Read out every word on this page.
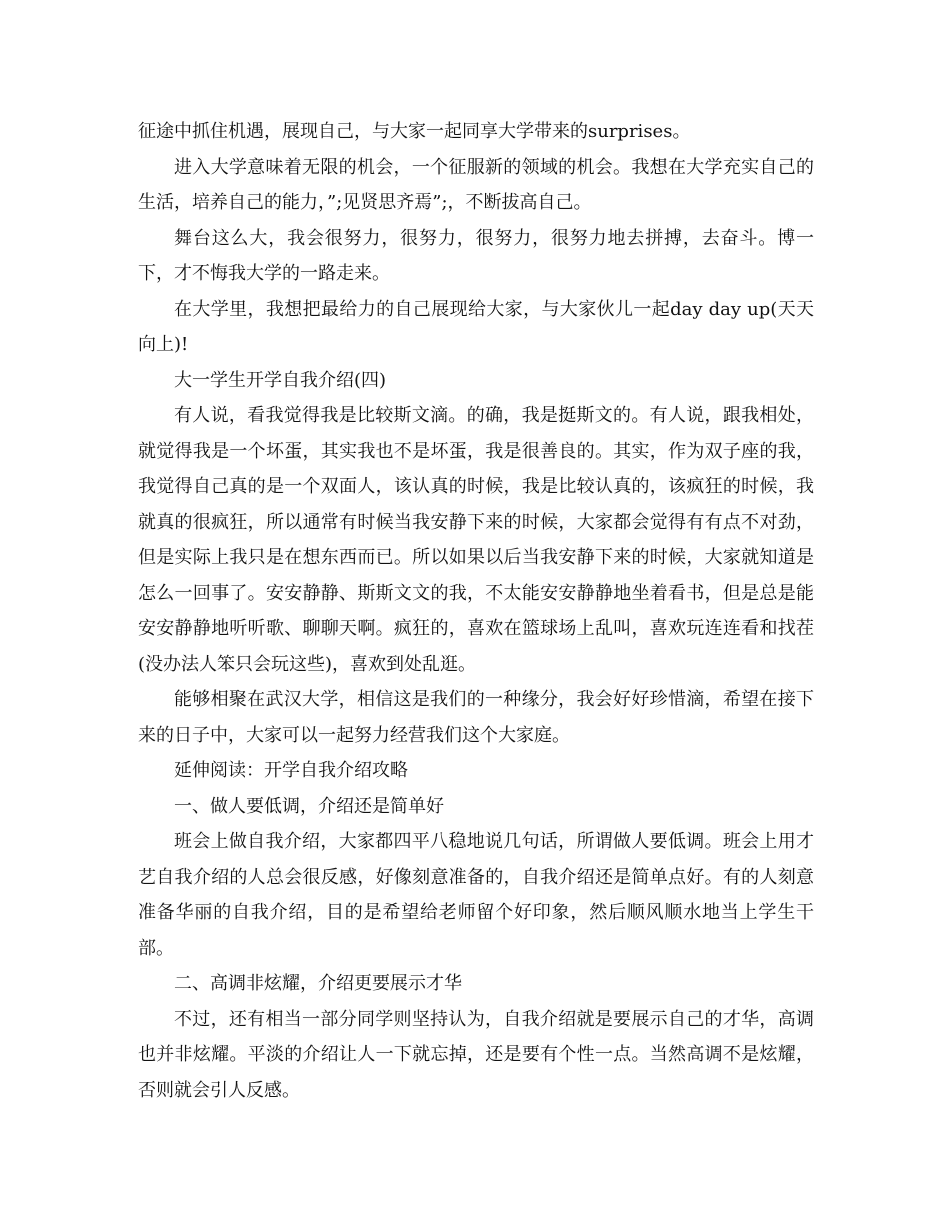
征途中抓住机遇，展现自己，与大家一起同享大学带来的surprises。

进入大学意味着无限的机会，一个征服新的领域的机会。我想在大学充实自己的生活，培养自己的能力，”;见贤思齐焉”;，不断拔高自己。

舞台这么大，我会很努力，很努力，很努力，很努力地去拼搏，去奋斗。博一下，才不悔我大学的一路走来。

在大学里，我想把最给力的自己展现给大家，与大家伙儿一起day day up(天天向上)!

大一学生开学自我介绍(四)

有人说，看我觉得我是比较斯文滴。的确，我是挺斯文的。有人说，跟我相处，就觉得我是一个坏蛋，其实我也不是坏蛋，我是很善良的。其实，作为双子座的我，我觉得自己真的是一个双面人，该认真的时候，我是比较认真的，该疯狂的时候，我就真的很疯狂，所以通常有时候当我安静下来的时候，大家都会觉得有有点不对劲，但是实际上我只是在想东西而已。所以如果以后当我安静下来的时候，大家就知道是怎么一回事了。安安静静、斯斯文文的我，不太能安安静静地坐着看书，但是总是能安安静静地听听歌、聊聊天啊。疯狂的，喜欢在篮球场上乱叫，喜欢玩连连看和找茬(没办法人笨只会玩这些)，喜欢到处乱逛。

能够相聚在武汉大学，相信这是我们的一种缘分，我会好好珍惜滴，希望在接下来的日子中，大家可以一起努力经营我们这个大家庭。

延伸阅读：开学自我介绍攻略

一、做人要低调，介绍还是简单好

班会上做自我介绍，大家都四平八稳地说几句话，所谓做人要低调。班会上用才艺自我介绍的人总会很反感，好像刻意准备的，自我介绍还是简单点好。有的人刻意准备华丽的自我介绍，目的是希望给老师留个好印象，然后顺风顺水地当上学生干部。

二、高调非炫耀，介绍更要展示才华

不过，还有相当一部分同学则坚持认为，自我介绍就是要展示自己的才华，高调也并非炫耀。平淡的介绍让人一下就忘掉，还是要有个性一点。当然高调不是炫耀，否则就会引人反感。
